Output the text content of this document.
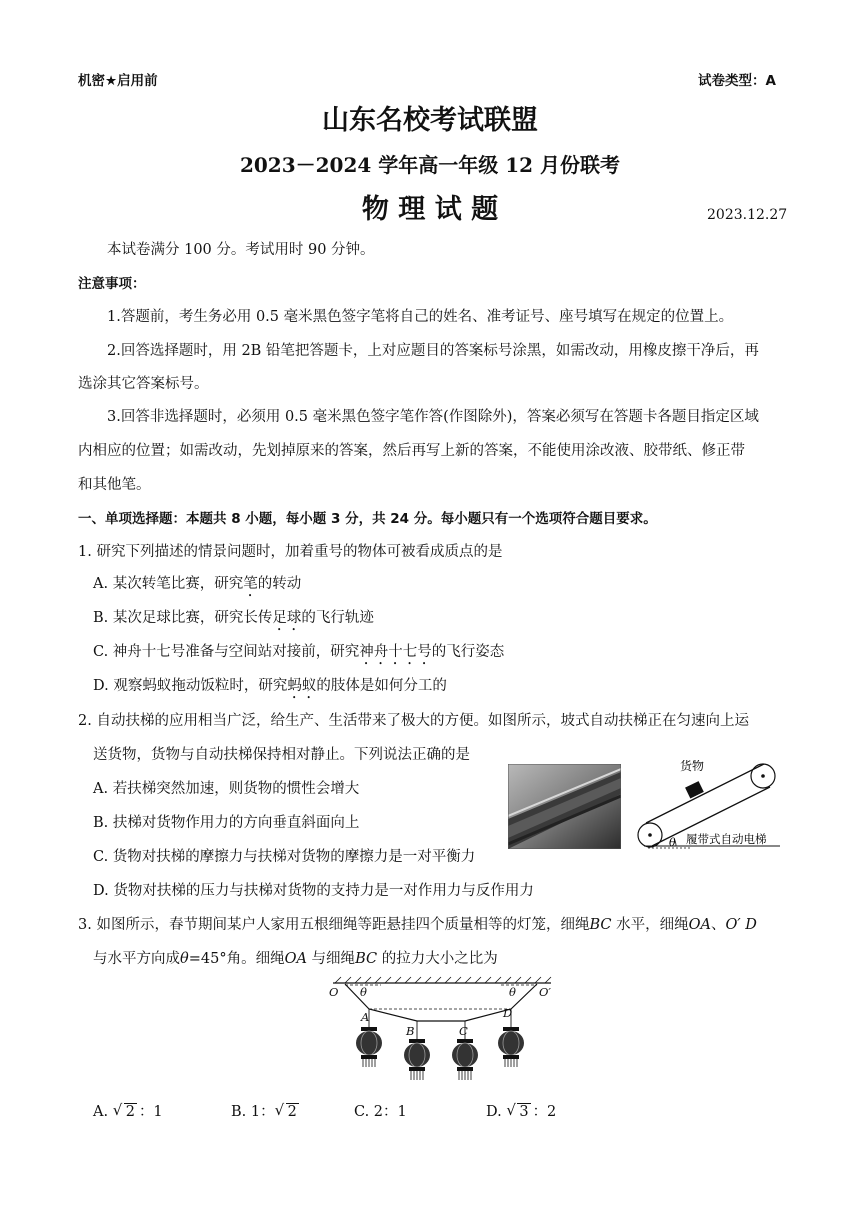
机密★启用前	试卷类型：A
山东名校考试联盟
2023－2024 学年高一年级 12 月份联考
物 理 试 题	2023.12.27
本试卷满分 100 分。考试用时 90 分钟。
注意事项：
1.答题前，考生务必用 0.5 毫米黑色签字笔将自己的姓名、准考证号、座号填写在规定的位置上。
2.回答选择题时，用 2B 铅笔把答题卡，上对应题目的答案标号涂黑，如需改动，用橡皮擦干净后，再
选涂其它答案标号。
3.回答非选择题时，必须用 0.5 毫米黑色签字笔作答(作图除外)，答案必须写在答题卡各题目指定区域
内相应的位置；如需改动，先划掉原来的答案，然后再写上新的答案，不能使用涂改液、胶带纸、修正带
和其他笔。
一、单项选择题：本题共 8 小题，每小题 3 分，共 24 分。每小题只有一个选项符合题目要求。
1. 研究下列描述的情景问题时，加着重号的物体可被看成质点的是
A. 某次转笔比赛，研究笔的转动
B. 某次足球比赛，研究长传足球的飞行轨迹
C. 神舟十七号准备与空间站对接前，研究神舟十七号的飞行姿态
D. 观察蚂蚁拖动饭粒时，研究蚂蚁的肢体是如何分工的
2. 自动扶梯的应用相当广泛，给生产、生活带来了极大的方便。如图所示，坡式自动扶梯正在匀速向上运
送货物，货物与自动扶梯保持相对静止。下列说法正确的是
A. 若扶梯突然加速，则货物的惯性会增大
B. 扶梯对货物作用力的方向垂直斜面向上
C. 货物对扶梯的摩擦力与扶梯对货物的摩擦力是一对平衡力
D. 货物对扶梯的压力与扶梯对货物的支持力是一对作用力与反作用力
货物
θ 履带式自动电梯
3. 如图所示，春节期间某户人家用五根细绳等距悬挂四个质量相等的灯笼，细绳BC 水平，细绳OA、O′ D
与水平方向成θ=45°角。细绳OA 与细绳BC 的拉力大小之比为
O θ	θ O′
A
B	C
D
A. √ 2 ：1	B. 1： √ 2	C. 2：1	D. √ 3 ：2
